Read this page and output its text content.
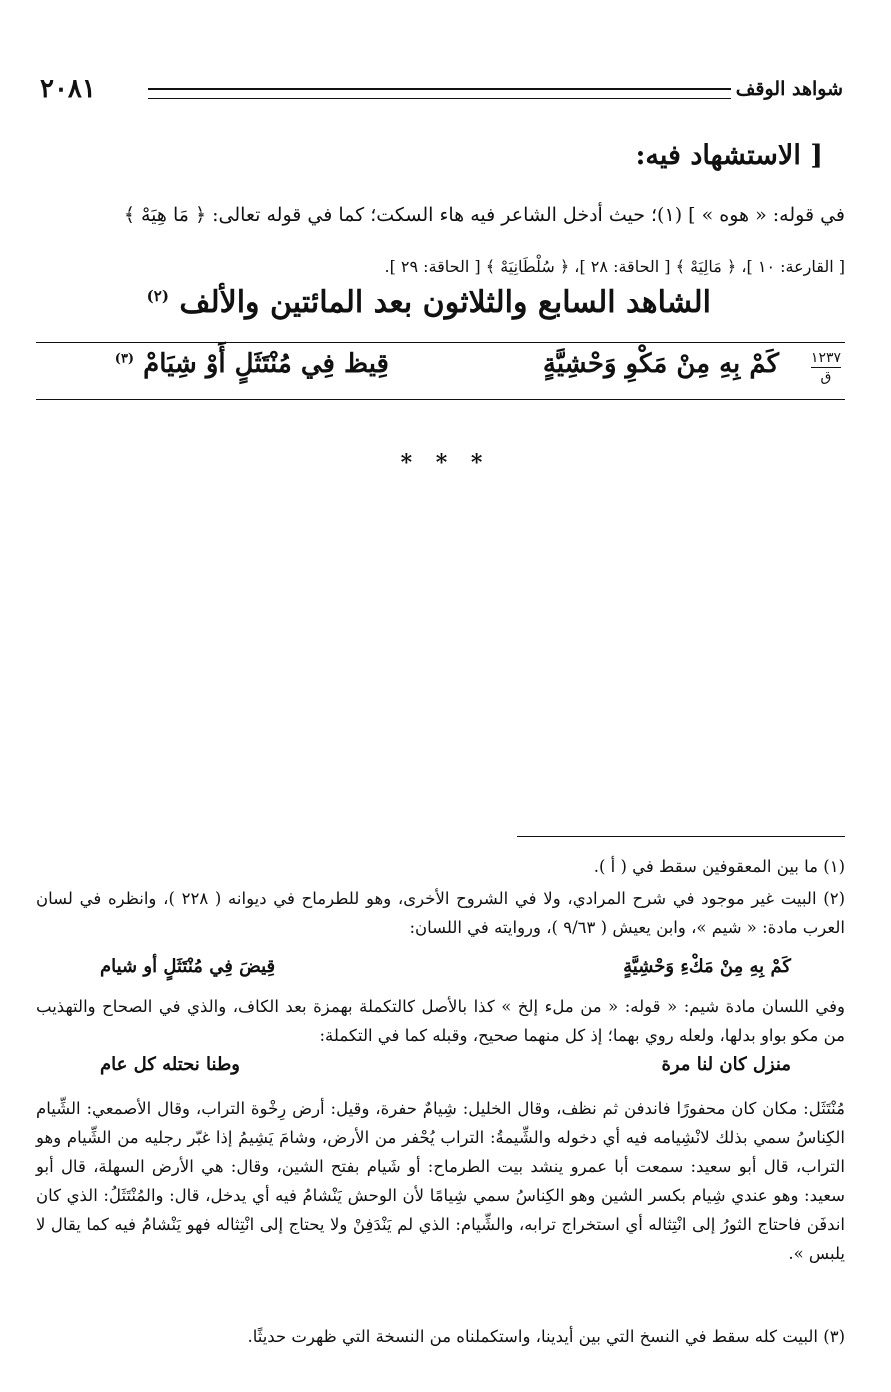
شواهد الوقف
٢٠٨١
[ الاستشهاد فيه:
في قوله: « هوه » ] (١)؛ حيث أدخل الشاعر فيه هاء السكت؛ كما في قوله تعالى: ﴿ مَا هِيَهْ ﴾
[ القارعة: ١٠ ]، ﴿ مَالِيَهْ ﴾ [ الحاقة: ٢٨ ]، ﴿ سُلْطَانِيَهْ ﴾ [ الحاقة: ٢٩ ].
الشاهد السابع والثلاثون بعد المائتين والألف $^{(٢)}$
١٢٣٧
ق
كَمْ بِهِ مِنْ مَكْوِ وَحْشِيَّةٍ
قِيظ فِي مُنْتَثَلٍ أَوْ شِيَامْ $^{(٣)}$
* * *
(١) ما بين المعقوفين سقط في ( أ ).
(٢) البيت غير موجود في شرح المرادي، ولا في الشروح الأخرى، وهو للطرماح في ديوانه ( ٢٢٨ )، وانظره في لسان العرب مادة: « شيم »، وابن يعيش ( ٩/٦٣ )، وروايته في اللسان:
كَمْ بِهِ مِنْ مَكْءِ وَحْشِيَّةٍ
قِيضَ فِي مُنْتَثَلٍ أو شيام
وفي اللسان مادة شيم: « قوله: « من ملء إلخ » كذا بالأصل كالتكملة بهمزة بعد الكاف، والذي في الصحاح والتهذيب من مكو بواو بدلها، ولعله روي بهما؛ إذ كل منهما صحيح، وقبله كما في التكملة:
منزل كان لنا مرة
وطنا نحتله كل عام
مُنْتَثَل: مكان كان محفورًا فاندفن ثم نظف، وقال الخليل: شِيامٌ حفرة، وقيل: أرض رِخْوة التراب، وقال الأصمعي: الشِّيام الكِناسُ سمي بذلك لانْشِيامه فيه أي دخوله والشِّيمةُ: التراب يُحْفر من الأرض، وشامَ يَشِيمُ إذا غبّر رجليه من الشِّيام وهو التراب، قال أبو سعيد: سمعت أبا عمرو ينشد بيت الطرماح: أو شَيام بفتح الشين، وقال: هي الأرض السهلة، قال أبو سعيد: وهو عندي شِيام بكسر الشين وهو الكِناسُ سمي شِيامًا لأن الوحش يَنْشامُ فيه أي يدخل، قال: والمُنْتَثَلُ: الذي كان اندفَن فاحتاج الثورُ إلى انْتِثاله أي استخراج ترابه، والشِّيام: الذي لم يَنْدَفِنْ ولا يحتاج إلى انْتِثاله فهو يَنْشامُ فيه كما يقال لا يلبس ».
(٣) البيت كله سقط في النسخ التي بين أيدينا، واستكملناه من النسخة التي ظهرت حديثًا.
